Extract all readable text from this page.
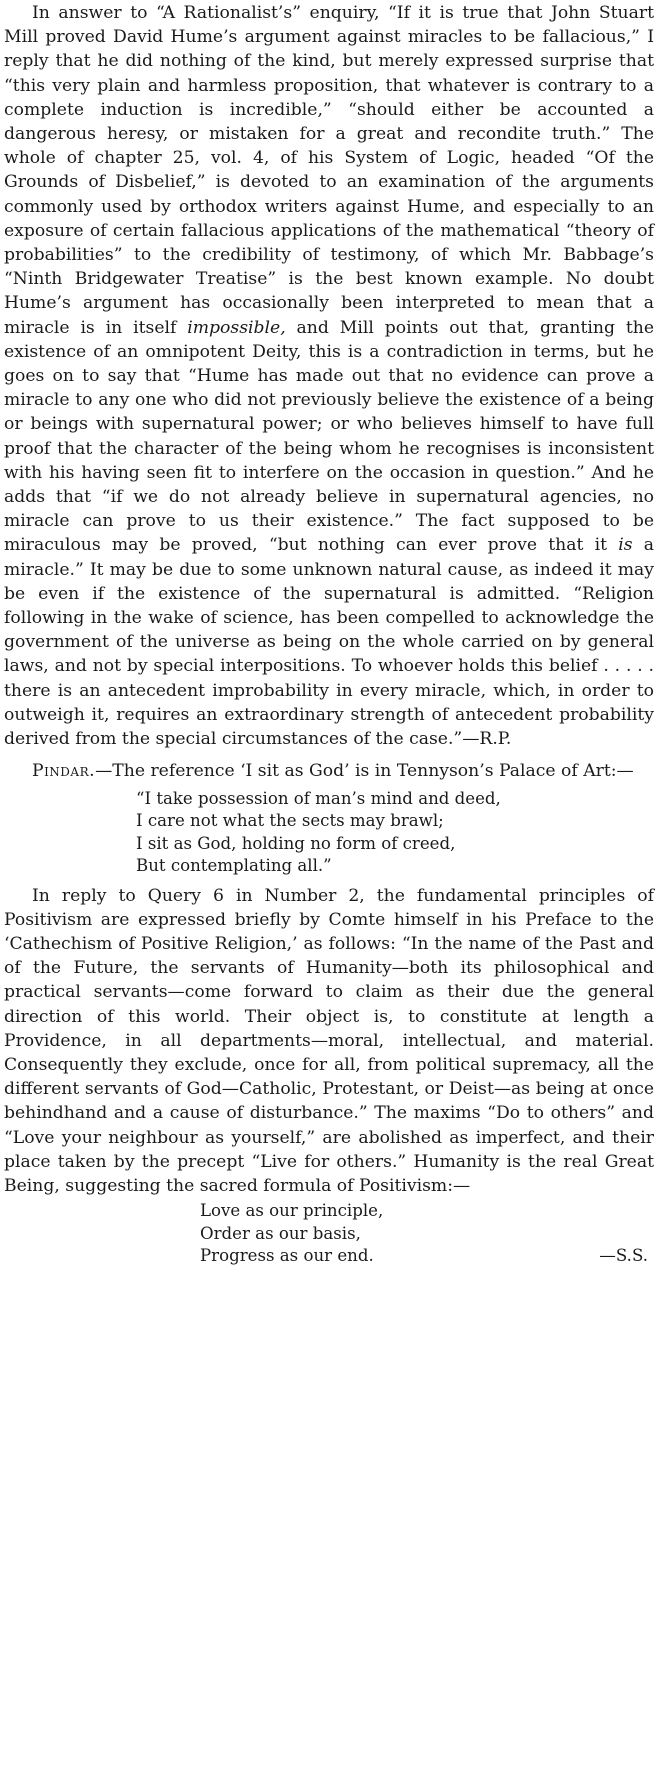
In answer to “A Rationalist’s” enquiry, “If it is true that John Stuart Mill proved David Hume’s argument against miracles to be fallacious,” I reply that he did nothing of the kind, but merely expressed surprise that “this very plain and harmless proposition, that whatever is contrary to a complete induction is incredible,” “should either be accounted a dangerous heresy, or mistaken for a great and recondite truth.” The whole of chapter 25, vol. 4, of his System of Logic, headed “Of the Grounds of Disbelief,” is devoted to an examination of the arguments commonly used by orthodox writers against Hume, and especially to an exposure of certain fallacious applications of the mathematical “theory of probabilities” to the credibility of testimony, of which Mr. Babbage’s “Ninth Bridgewater Treatise” is the best known example. No doubt Hume’s argument has occasionally been interpreted to mean that a miracle is in itself impossible, and Mill points out that, granting the existence of an omnipotent Deity, this is a contradiction in terms, but he goes on to say that “Hume has made out that no evidence can prove a miracle to any one who did not previously believe the existence of a being or beings with supernatural power; or who believes himself to have full proof that the character of the being whom he recognises is inconsistent with his having seen fit to interfere on the occasion in question.” And he adds that “if we do not already believe in supernatural agencies, no miracle can prove to us their existence.” The fact supposed to be miraculous may be proved, “but nothing can ever prove that it is a miracle.” It may be due to some unknown natural cause, as indeed it may be even if the existence of the supernatural is admitted. “Religion following in the wake of science, has been compelled to acknowledge the government of the universe as being on the whole carried on by general laws, and not by special interpositions. To whoever holds this belief . . . . . there is an antecedent improbability in every miracle, which, in order to outweigh it, requires an extraordinary strength of antecedent probability derived from the special circumstances of the case.”—R.P.

Pindar.—The reference ‘I sit as God’ is in Tennyson’s Palace of Art:—

“I take possession of man’s mind and deed,
I care not what the sects may brawl;
I sit as God, holding no form of creed,
But contemplating all.”

In reply to Query 6 in Number 2, the fundamental principles of Positivism are expressed briefly by Comte himself in his Preface to the ‘Cathechism of Positive Religion,’ as follows: “In the name of the Past and of the Future, the servants of Humanity—both its philosophical and practical servants—come forward to claim as their due the general direction of this world. Their object is, to constitute at length a Providence, in all departments—moral, intellectual, and material. Consequently they exclude, once for all, from political supremacy, all the different servants of God—Catholic, Protestant, or Deist—as being at once behindhand and a cause of disturbance.” The maxims “Do to others” and “Love your neighbour as yourself,” are abolished as imperfect, and their place taken by the precept “Live for others.” Humanity is the real Great Being, suggesting the sacred formula of Positivism:—

Love as our principle,
Order as our basis,
Progress as our end.	—S.S.
